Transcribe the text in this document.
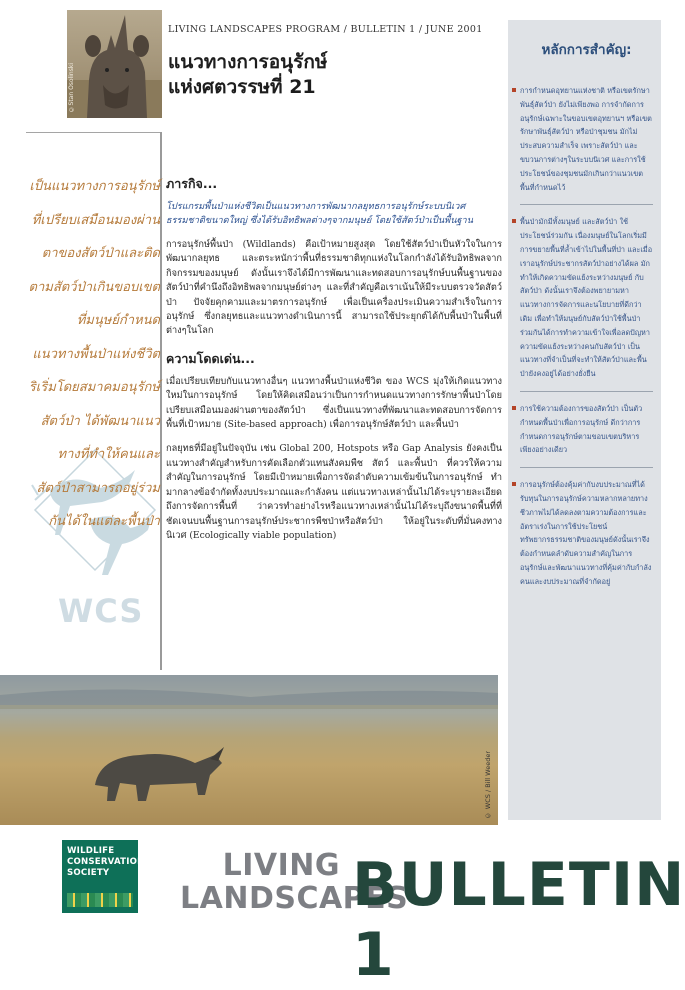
©Stan Osolinski
LIVING LANDSCAPES PROGRAM / BULLETIN 1 / JUNE 2001
แนวทางการอนุรักษ์
แห่งศตวรรษที่ 21
เป็นแนวทางการอนุรักษ์
ที่เปรียบเสมือนมองผ่าน
ตาของสัตว์ป่าและติด
ตามสัตว์ป่าเกินขอบเขต
ที่มนุษย์กำหนด
แนวทางพื้นป่าแห่งชีวิต
ริเริ่มโดยสมาคมอนุรักษ์
สัตว์ป่า ได้พัฒนาแนว
ทางที่ทำให้คนและ
สัตว์ป่าสามารถอยู่ร่วม
กันได้ในแต่ละพื้นป่า
WCS
ภารกิจ...

โปรแกรมพื้นป่าแห่งชีวิตเป็นแนวทางการพัฒนากลยุทธการอนุรักษ์ระบบนิเวศธรรมชาติขนาดใหญ่ ซึ่งได้รับอิทธิพลต่างๆจากมนุษย์ โดยใช้สัตว์ป่าเป็นพื้นฐาน

การอนุรักษ์พื้นป่า (Wildlands) คือเป้าหมายสูงสุด โดยใช้สัตว์ป่าเป็นหัวใจในการพัฒนากลยุทธ และตระหนักว่าพื้นที่ธรรมชาติทุกแห่งในโลกกำลังได้รับอิทธิพลจากกิจกรรมของมนุษย์ ดังนั้นเราจึงได้มีการพัฒนาและทดสอบการอนุรักษ์บนพื้นฐานของสัตว์ป่าที่คำนึงถึงอิทธิพลจากมนุษย์ต่างๆ และที่สำคัญคือเราเน้นให้มีระบบตรวจวัดสัตว์ป่า ปัจจัยคุกคามและมาตรการอนุรักษ์ เพื่อเป็นเครื่องประเมินความสำเร็จในการอนุรักษ์ ซึ่งกลยุทธและแนวทางดำเนินการนี้ สามารถใช้ประยุกต์ได้กับพื้นป่าในพื้นที่ต่างๆในโลก

ความโดดเด่น...

เมื่อเปรียบเทียบกับแนวทางอื่นๆ แนวทางพื้นป่าแห่งชีวิต ของ WCS มุ่งให้เกิดแนวทางใหม่ในการอนุรักษ์ โดยให้คิดเสมือนว่าเป็นการกำหนดแนวทางการรักษาพื้นป่าโดยเปรียบเสมือนมองผ่านตาของสัตว์ป่า ซึ่งเป็นแนวทางที่พัฒนาและทดสอบการจัดการพื้นที่เป้าหมาย (Site-based approach) เพื่อการอนุรักษ์สัตว์ป่า และพื้นป่า

กลยุทธที่มีอยู่ในปัจจุบัน เช่น Global 200, Hotspots หรือ Gap Analysis ยังคงเป็นแนวทางสำคัญสำหรับการคัดเลือกตัวแทนสังคมพืช สัตว์ และพื้นป่า ที่ควรให้ความสำคัญในการอนุรักษ์ โดยมีเป้าหมายเพื่อการจัดลำดับความเข้มข้นในการอนุรักษ์ ทำมากลางข้อจำกัดทั้งงบประมาณและกำลังคน แต่แนวทางเหล่านั้นไม่ได้ระบุรายละเอียดถึงการจัดการพื้นที่ ว่าควรทำอย่างไรหรือแนวทางเหล่านั้นไม่ได้ระบุถึงขนาดพื้นที่ที่ชัดเจนบนพื้นฐานการอนุรักษ์ประชากรพืชป่าหรือสัตว์ป่า ให้อยู่ในระดับที่มั่นคงทางนิเวศ (Ecologically viable population)

หลักการสำคัญ:
การกำหนดอุทยานแห่งชาติ หรือเขตรักษาพันธุ์สัตว์ป่า ยังไม่เพียงพอ การจำกัดการอนุรักษ์เฉพาะในขอบเขตอุทยานฯ หรือเขตรักษาพันธุ์สัตว์ป่า หรือป่าชุมชน มักไม่ประสบความสำเร็จ เพราะสัตว์ป่า และขบวนการต่างๆในระบบนิเวศ และการใช้ประโยชน์ของชุมชนมักเกินกว่าแนวเขตพื้นที่กำหนดไว้
พื้นป่ามักมีทั้งมนุษย์ และสัตว์ป่า ใช้ประโยชน์ร่วมกัน เนื่องมนุษย์ในโลกเริ่มมีการขยายพื้นที่ล้ำเข้าไปในพื้นที่ป่า และเมื่อเราอนุรักษ์ประชากรสัตว์ป่าอย่างได้ผล มักทำให้เกิดความขัดแย้งระหว่างมนุษย์ กับสัตว์ป่า ดังนั้นเราจึงต้องพยายามหาแนวทางการจัดการและนโยบายที่ดีกว่าเดิม เพื่อทำให้มนุษย์กับสัตว์ป่าใช้พื้นป่าร่วมกันได้การทำความเข้าใจเพื่อลดปัญหาความขัดแย้งระหว่างคนกับสัตว์ป่า เป็นแนวทางที่จำเป็นที่จะทำให้สัตว์ป่าและพื้นป่ายังคงอยู่ได้อย่างยั่งยืน
การใช้ความต้องการของสัตว์ป่า เป็นตัวกำหนดพื้นป่าเพื่อการอนุรักษ์ ดีกว่าการกำหนดการอนุรักษ์ตามขอบเขตบริหารเพียงอย่างเดียว
การอนุรักษ์ต้องคุ้มค่ากับงบประมาณที่ได้รับทุนในการอนุรักษ์ความหลากหลายทางชีวภาพไม่ได้ลดลงตามความต้องการและอัตราเร่งในการใช้ประโยชน์ทรัพยากรธรรมชาติของมนุษย์ดังนั้นเราจึงต้องกำหนดลำดับความสำคัญในการอนุรักษ์และพัฒนาแนวทางที่คุ้มค่ากับกำลังคนและงบประมาณที่จำกัดอยู่
© WCS / Bill Weeder
WILDLIFE
CONSERVATION
SOCIETY	LIVING
LANDSCAPES
BULLETIN 1
